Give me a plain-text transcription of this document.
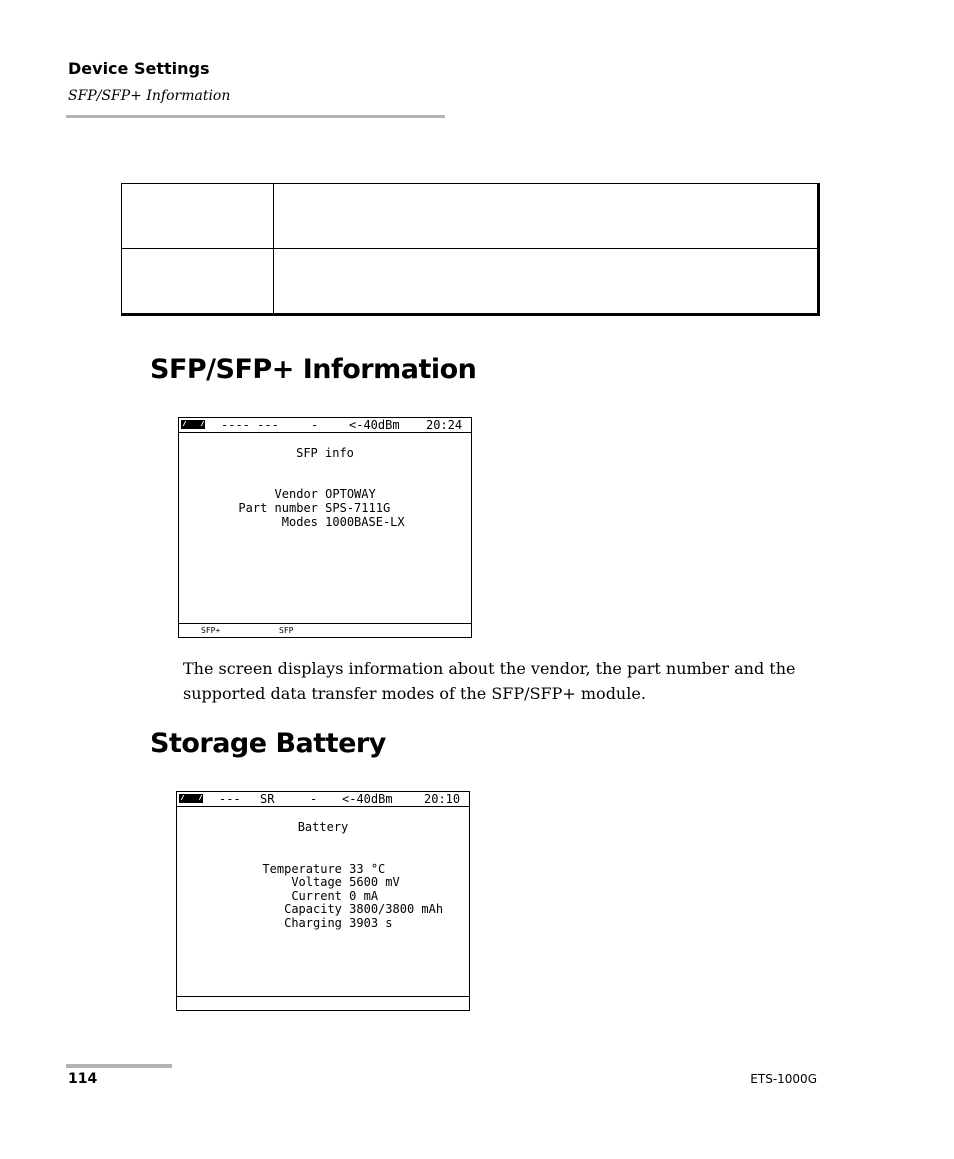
Device Settings
SFP/SFP+ Information
SFP/SFP+ Information
---- ---	-	<-40dBm 20:24
SFP info

Vendor OPTOWAY

Part number SPS-7111G

Modes 1000BASE-LX

SFP+	SFP
The screen displays information about the vendor, the part number and the supported data transfer modes of the SFP/SFP+ module.
Storage Battery
--- SR	- <-40dBm	20:10
Battery

Temperature 33 °C

Voltage 5600 mV

Current 0 mA

Capacity 3800/3800 mAh

Charging 3903 s

114	ETS-1000G
